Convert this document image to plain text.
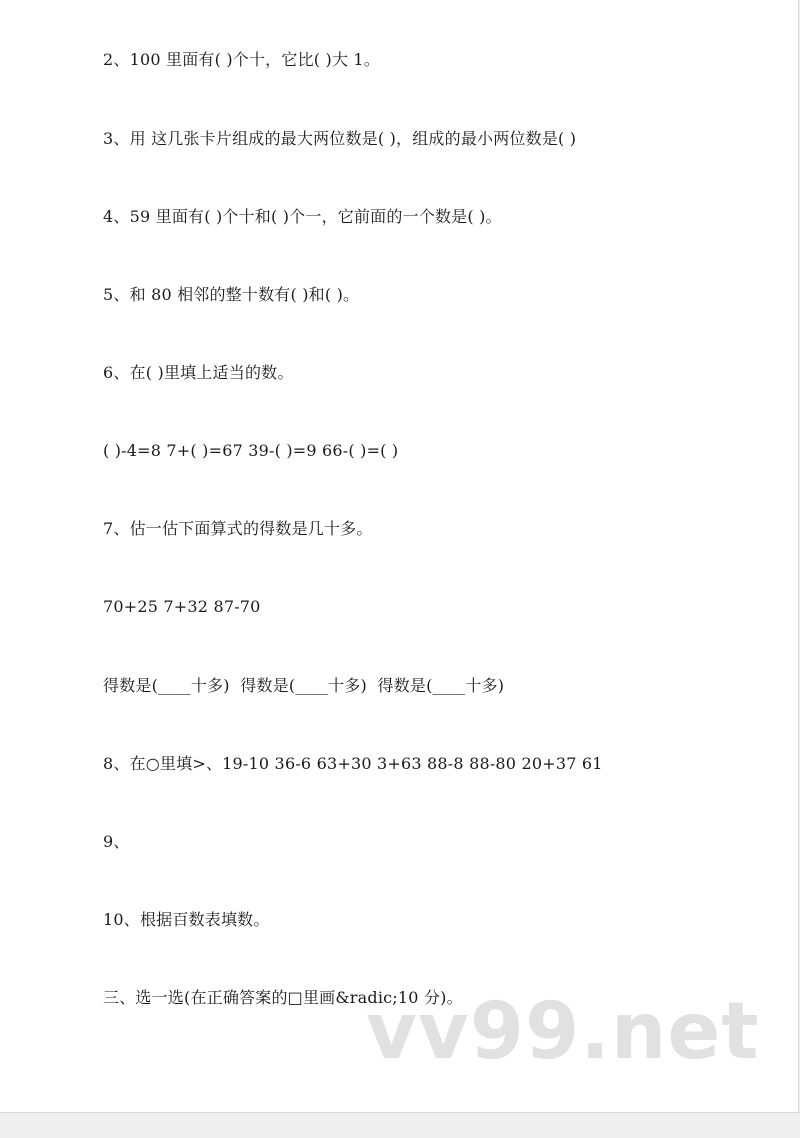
2、100 里面有( )个十，它比( )大 1。
3、用 这几张卡片组成的最大两位数是( )，组成的最小两位数是( )
4、59 里面有( )个十和( )个一，它前面的一个数是( )。
5、和 80 相邻的整十数有( )和( )。
6、在( )里填上适当的数。
( )-4=8 7+( )=67 39-( )=9 66-( )=( )
7、估一估下面算式的得数是几十多。
70+25 7+32 87-70
得数是(____十多)  得数是(____十多)  得数是(____十多)
8、在○里填>、19-10 36-6 63+30 3+63 88-8 88-80 20+37 61
9、
10、根据百数表填数。
三、选一选(在正确答案的□里画&radic;10 分)。
vv99.net
